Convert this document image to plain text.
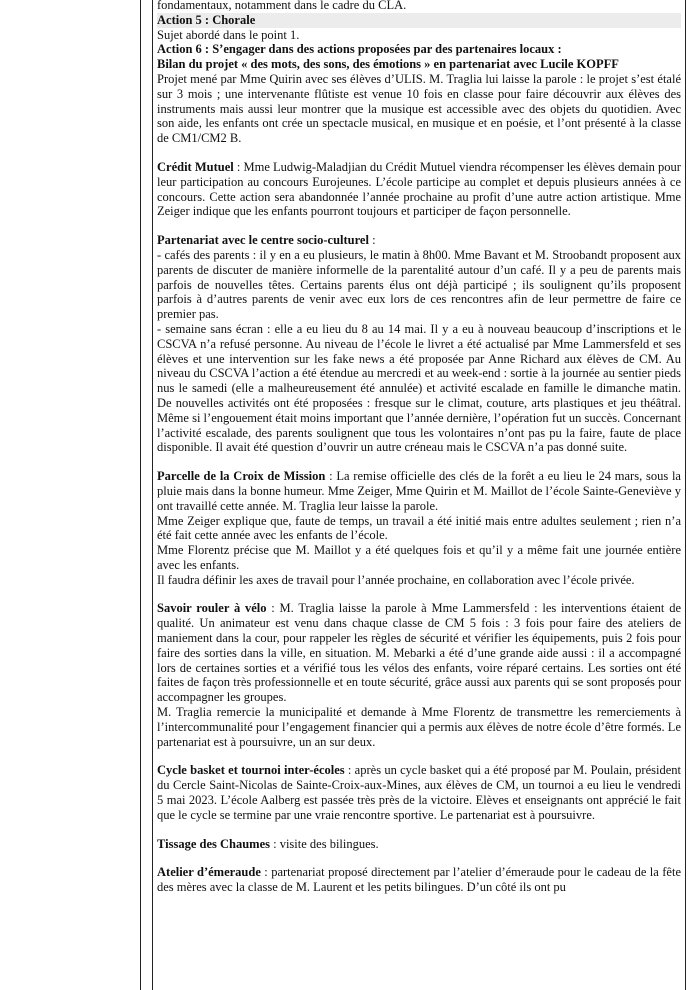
fondamentaux, notamment dans le cadre du CLA.

Action 5 : Chorale

Sujet abordé dans le point 1.

Action 6 : S’engager dans des actions proposées par des partenaires locaux :

Bilan du projet « des mots, des sons, des émotions » en partenariat avec Lucile KOPFF

Projet mené par Mme Quirin avec ses élèves d’ULIS. M. Traglia lui laisse la parole : le projet s’est étalé sur 3 mois ; une intervenante flûtiste est venue 10 fois en classe pour faire découvrir aux élèves des instruments mais aussi leur montrer que la musique est accessible avec des objets du quotidien. Avec son aide, les enfants ont crée un spectacle musical, en musique et en poésie, et l’ont présenté à la classe de CM1/CM2 B.

Crédit Mutuel : Mme Ludwig-Maladjian du Crédit Mutuel viendra récompenser les élèves demain pour leur participation au concours Eurojeunes. L’école participe au complet et depuis plusieurs années à ce concours. Cette action sera abandonnée l’année prochaine au profit d’une autre action artistique. Mme Zeiger indique que les enfants pourront toujours et participer de façon personnelle.

Partenariat avec le centre socio-culturel :

- cafés des parents : il y en a eu plusieurs, le matin à 8h00. Mme Bavant et M. Stroobandt proposent aux parents de discuter de manière informelle de la parentalité autour d’un café. Il y a peu de parents mais parfois de nouvelles têtes. Certains parents élus ont déjà participé ; ils soulignent qu’ils proposent parfois à d’autres parents de venir avec eux lors de ces rencontres afin de leur permettre de faire ce premier pas.

- semaine sans écran : elle a eu lieu du 8 au 14 mai. Il y a eu à nouveau beaucoup d’inscriptions et le CSCVA n’a refusé personne. Au niveau de l’école le livret a été actualisé par Mme Lammersfeld et ses élèves et une intervention sur les fake news a été proposée par Anne Richard aux élèves de CM. Au niveau du CSCVA l’action a été étendue au mercredi et au week-end : sortie à la journée au sentier pieds nus le samedi (elle a malheureusement été annulée) et activité escalade en famille le dimanche matin. De nouvelles activités ont été proposées : fresque sur le climat, couture, arts plastiques et jeu théâtral. Même si l’engouement était moins important que l’année dernière, l’opération fut un succès. Concernant l’activité escalade, des parents soulignent que tous les volontaires n’ont pas pu la faire, faute de place disponible. Il avait été question d’ouvrir un autre créneau mais le CSCVA n’a pas donné suite.

Parcelle de la Croix de Mission : La remise officielle des clés de la forêt a eu lieu le 24 mars, sous la pluie mais dans la bonne humeur. Mme Zeiger, Mme Quirin et M. Maillot de l’école Sainte-Geneviève y ont travaillé cette année. M. Traglia leur laisse la parole.

Mme Zeiger explique que, faute de temps, un travail a été initié mais entre adultes seulement ; rien n’a été fait cette année avec les enfants de l’école.

Mme Florentz précise que M. Maillot y a été quelques fois et qu’il y a même fait une journée entière avec les enfants.

Il faudra définir les axes de travail pour l’année prochaine, en collaboration avec l’école privée.

Savoir rouler à vélo : M. Traglia laisse la parole à Mme Lammersfeld : les interventions étaient de qualité. Un animateur est venu dans chaque classe de CM 5 fois : 3 fois pour faire des ateliers de maniement dans la cour, pour rappeler les règles de sécurité et vérifier les équipements, puis 2 fois pour faire des sorties dans la ville, en situation. M. Mebarki a été d’une grande aide aussi : il a accompagné lors de certaines sorties et a vérifié tous les vélos des enfants, voire réparé certains. Les sorties ont été faites de façon très professionnelle et en toute sécurité, grâce aussi aux parents qui se sont proposés pour accompagner les groupes.

M. Traglia remercie la municipalité et demande à Mme Florentz de transmettre les remerciements à l’intercommunalité pour l’engagement financier qui a permis aux élèves de notre école d’être formés. Le partenariat est à poursuivre, un an sur deux.

Cycle basket et tournoi inter-écoles : après un cycle basket qui a été proposé par M. Poulain, président du Cercle Saint-Nicolas de Sainte-Croix-aux-Mines, aux élèves de CM, un tournoi a eu lieu le vendredi 5 mai 2023. L’école Aalberg est passée très près de la victoire. Elèves et enseignants ont apprécié le fait que le cycle se termine par une vraie rencontre sportive. Le partenariat est à poursuivre.

Tissage des Chaumes : visite des bilingues.

Atelier d’émeraude : partenariat proposé directement par l’atelier d’émeraude pour le cadeau de la fête des mères avec la classe de M. Laurent et les petits bilingues. D’un côté ils ont pu
